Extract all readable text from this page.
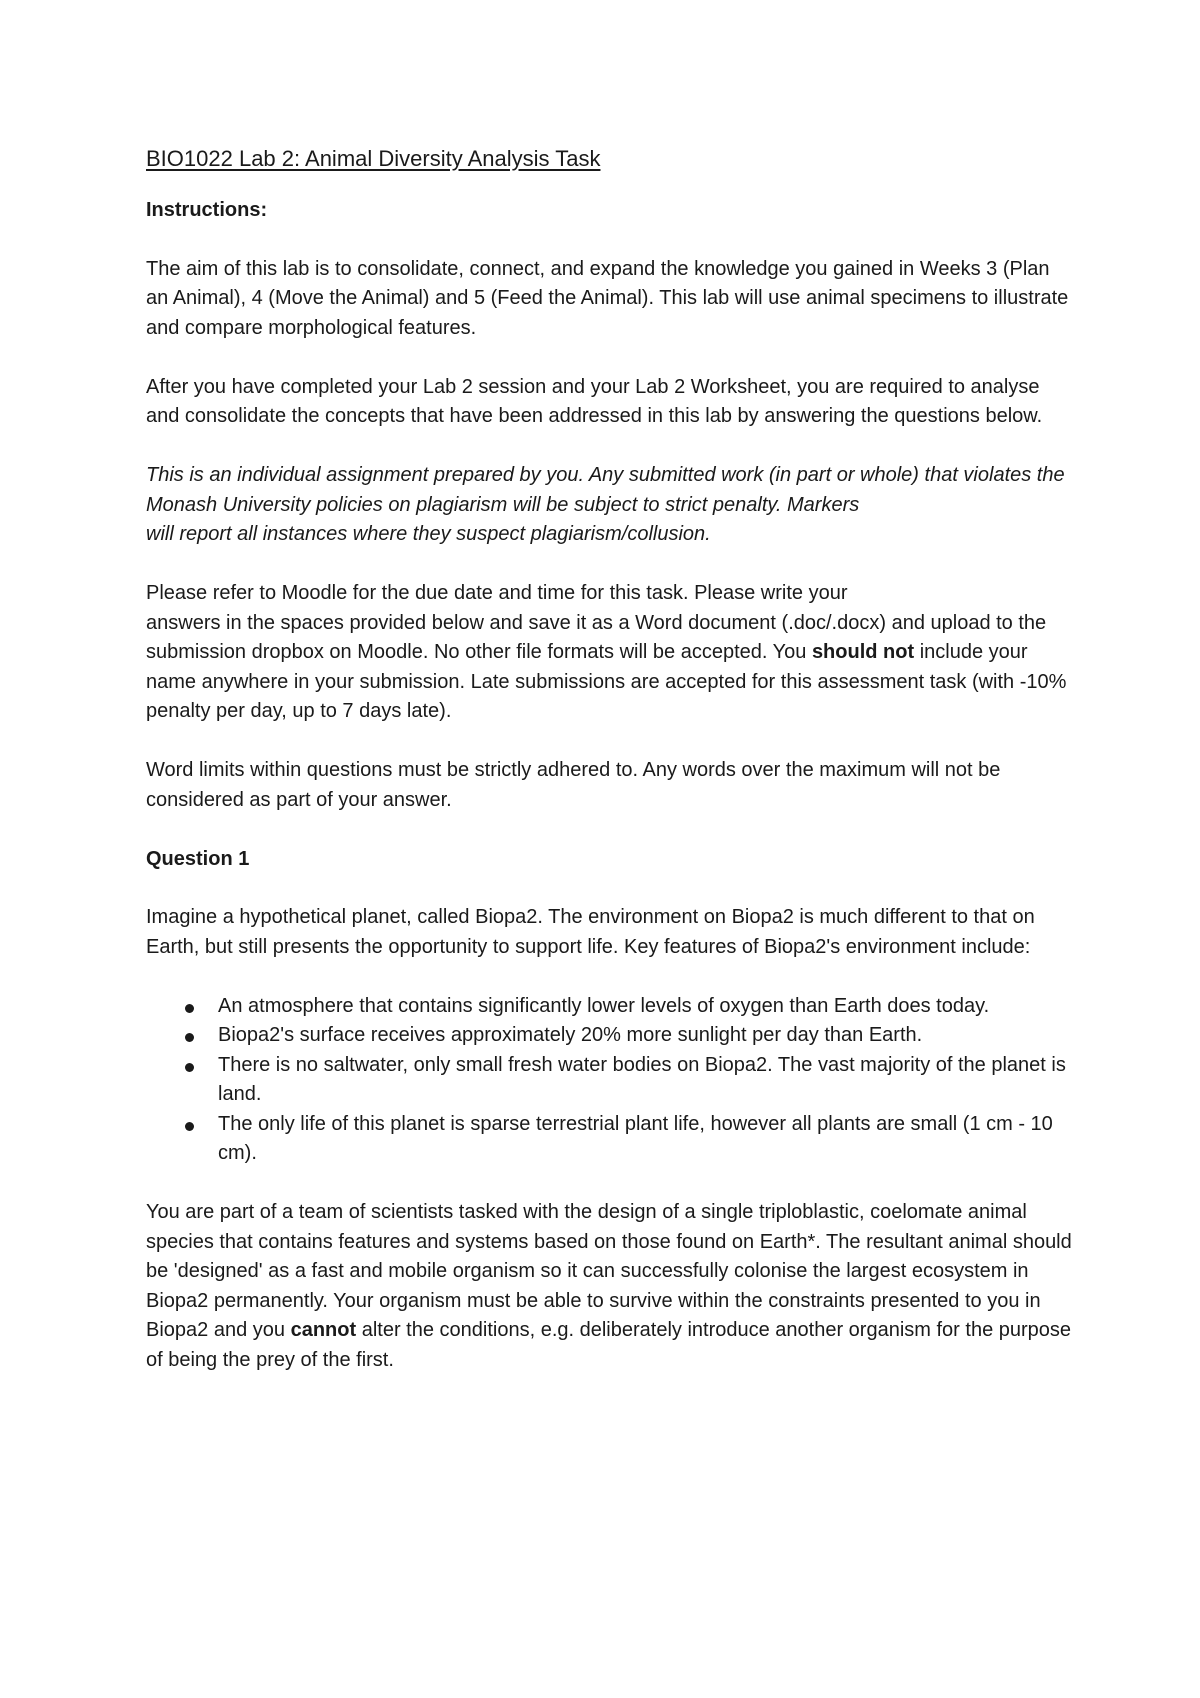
BIO1022 Lab 2: Animal Diversity Analysis Task
Instructions:

The aim of this lab is to consolidate, connect, and expand the knowledge you gained in Weeks 3 (Plan an Animal), 4 (Move the Animal) and 5 (Feed the Animal). This lab will use animal specimens to illustrate and compare morphological features.

After you have completed your Lab 2 session and your Lab 2 Worksheet, you are required to analyse and consolidate the concepts that have been addressed in this lab by answering the questions below.

This is an individual assignment prepared by you. Any submitted work (in part or whole) that violates the Monash University policies on plagiarism will be subject to strict penalty. Markers
will report all instances where they suspect plagiarism/collusion.

Please refer to Moodle for the due date and time for this task. Please write your
answers in the spaces provided below and save it as a Word document (.doc/.docx) and upload to the submission dropbox on Moodle. No other file formats will be accepted. You should not include your name anywhere in your submission. Late submissions are accepted for this assessment task (with -10% penalty per day, up to 7 days late).

Word limits within questions must be strictly adhered to. Any words over the maximum will not be considered as part of your answer.

Question 1

Imagine a hypothetical planet, called Biopa2. The environment on Biopa2 is much different to that on Earth, but still presents the opportunity to support life. Key features of Biopa2's environment include:

An atmosphere that contains significantly lower levels of oxygen than Earth does today.
Biopa2's surface receives approximately 20% more sunlight per day than Earth.
There is no saltwater, only small fresh water bodies on Biopa2. The vast majority of the planet is land.
The only life of this planet is sparse terrestrial plant life, however all plants are small (1 cm - 10 cm).

You are part of a team of scientists tasked with the design of a single triploblastic, coelomate animal species that contains features and systems based on those found on Earth*. The resultant animal should be 'designed' as a fast and mobile organism so it can successfully colonise the largest ecosystem in Biopa2 permanently. Your organism must be able to survive within the constraints presented to you in Biopa2 and you cannot alter the conditions, e.g. deliberately introduce another organism for the purpose of being the prey of the first.
